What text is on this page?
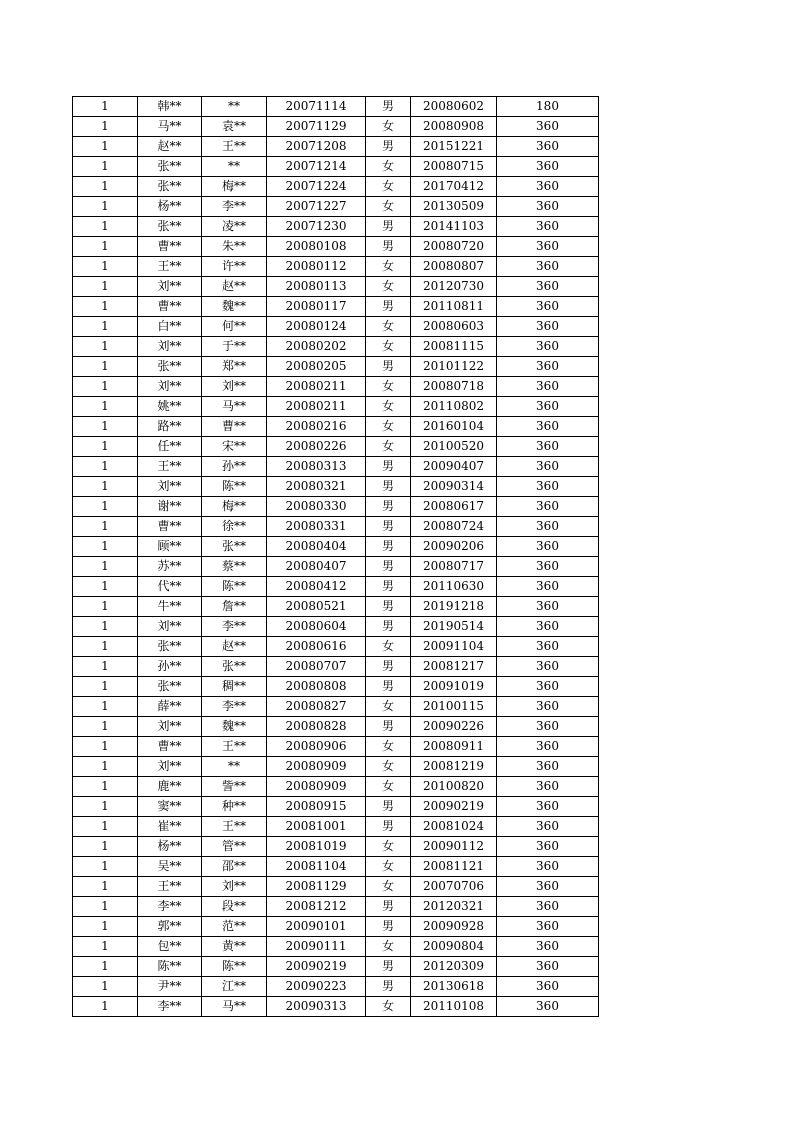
1	韩**	**	20071114	男	20080602	180
1	马**	袁**	20071129	女	20080908	360
1	赵**	王**	20071208	男	20151221	360
1	张**	**	20071214	女	20080715	360
1	张**	梅**	20071224	女	20170412	360
1	杨**	李**	20071227	女	20130509	360
1	张**	凌**	20071230	男	20141103	360
1	曹**	朱**	20080108	男	20080720	360
1	王**	许**	20080112	女	20080807	360
1	刘**	赵**	20080113	女	20120730	360
1	曹**	魏**	20080117	男	20110811	360
1	白**	何**	20080124	女	20080603	360
1	刘**	于**	20080202	女	20081115	360
1	张**	郑**	20080205	男	20101122	360
1	刘**	刘**	20080211	女	20080718	360
1	姚**	马**	20080211	女	20110802	360
1	路**	曹**	20080216	女	20160104	360
1	任**	宋**	20080226	女	20100520	360
1	王**	孙**	20080313	男	20090407	360
1	刘**	陈**	20080321	男	20090314	360
1	谢**	梅**	20080330	男	20080617	360
1	曹**	徐**	20080331	男	20080724	360
1	顾**	张**	20080404	男	20090206	360
1	苏**	蔡**	20080407	男	20080717	360
1	代**	陈**	20080412	男	20110630	360
1	牛**	詹**	20080521	男	20191218	360
1	刘**	李**	20080604	男	20190514	360
1	张**	赵**	20080616	女	20091104	360
1	孙**	张**	20080707	男	20081217	360
1	张**	稠**	20080808	男	20091019	360
1	薛**	李**	20080827	女	20100115	360
1	刘**	魏**	20080828	男	20090226	360
1	曹**	王**	20080906	女	20080911	360
1	刘**	**	20080909	女	20081219	360
1	鹿**	訾**	20080909	女	20100820	360
1	窦**	种**	20080915	男	20090219	360
1	崔**	王**	20081001	男	20081024	360
1	杨**	管**	20081019	女	20090112	360
1	吴**	邵**	20081104	女	20081121	360
1	王**	刘**	20081129	女	20070706	360
1	李**	段**	20081212	男	20120321	360
1	郭**	范**	20090101	男	20090928	360
1	包**	黄**	20090111	女	20090804	360
1	陈**	陈**	20090219	男	20120309	360
1	尹**	江**	20090223	男	20130618	360
1	李**	马**	20090313	女	20110108	360
